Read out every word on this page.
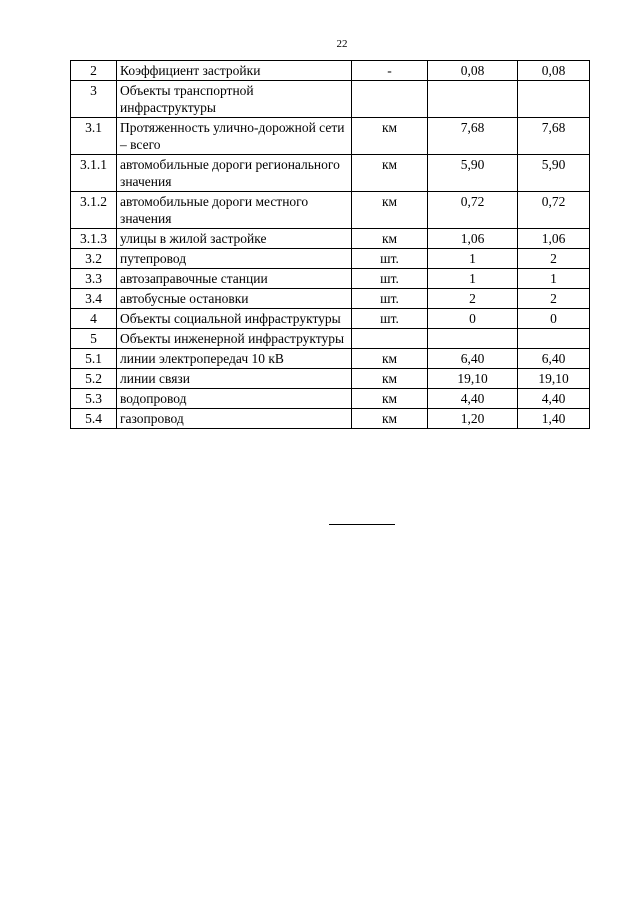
22
2	Коэффициент застройки	-	0,08	0,08
3	Объекты транспортной инфраструктуры			
3.1	Протяженность улично-дорожной сети – всего	км	7,68	7,68
3.1.1	автомобильные дороги регионального значения	км	5,90	5,90
3.1.2	автомобильные дороги местного значения	км	0,72	0,72
3.1.3	улицы в жилой застройке	км	1,06	1,06
3.2	путепровод	шт.	1	2
3.3	автозаправочные станции	шт.	1	1
3.4	автобусные остановки	шт.	2	2
4	Объекты социальной инфраструктуры	шт.	0	0
5	Объекты инженерной инфраструктуры			
5.1	линии электропередач 10 кВ	км	6,40	6,40
5.2	линии связи	км	19,10	19,10
5.3	водопровод	км	4,40	4,40
5.4	газопровод	км	1,20	1,40
